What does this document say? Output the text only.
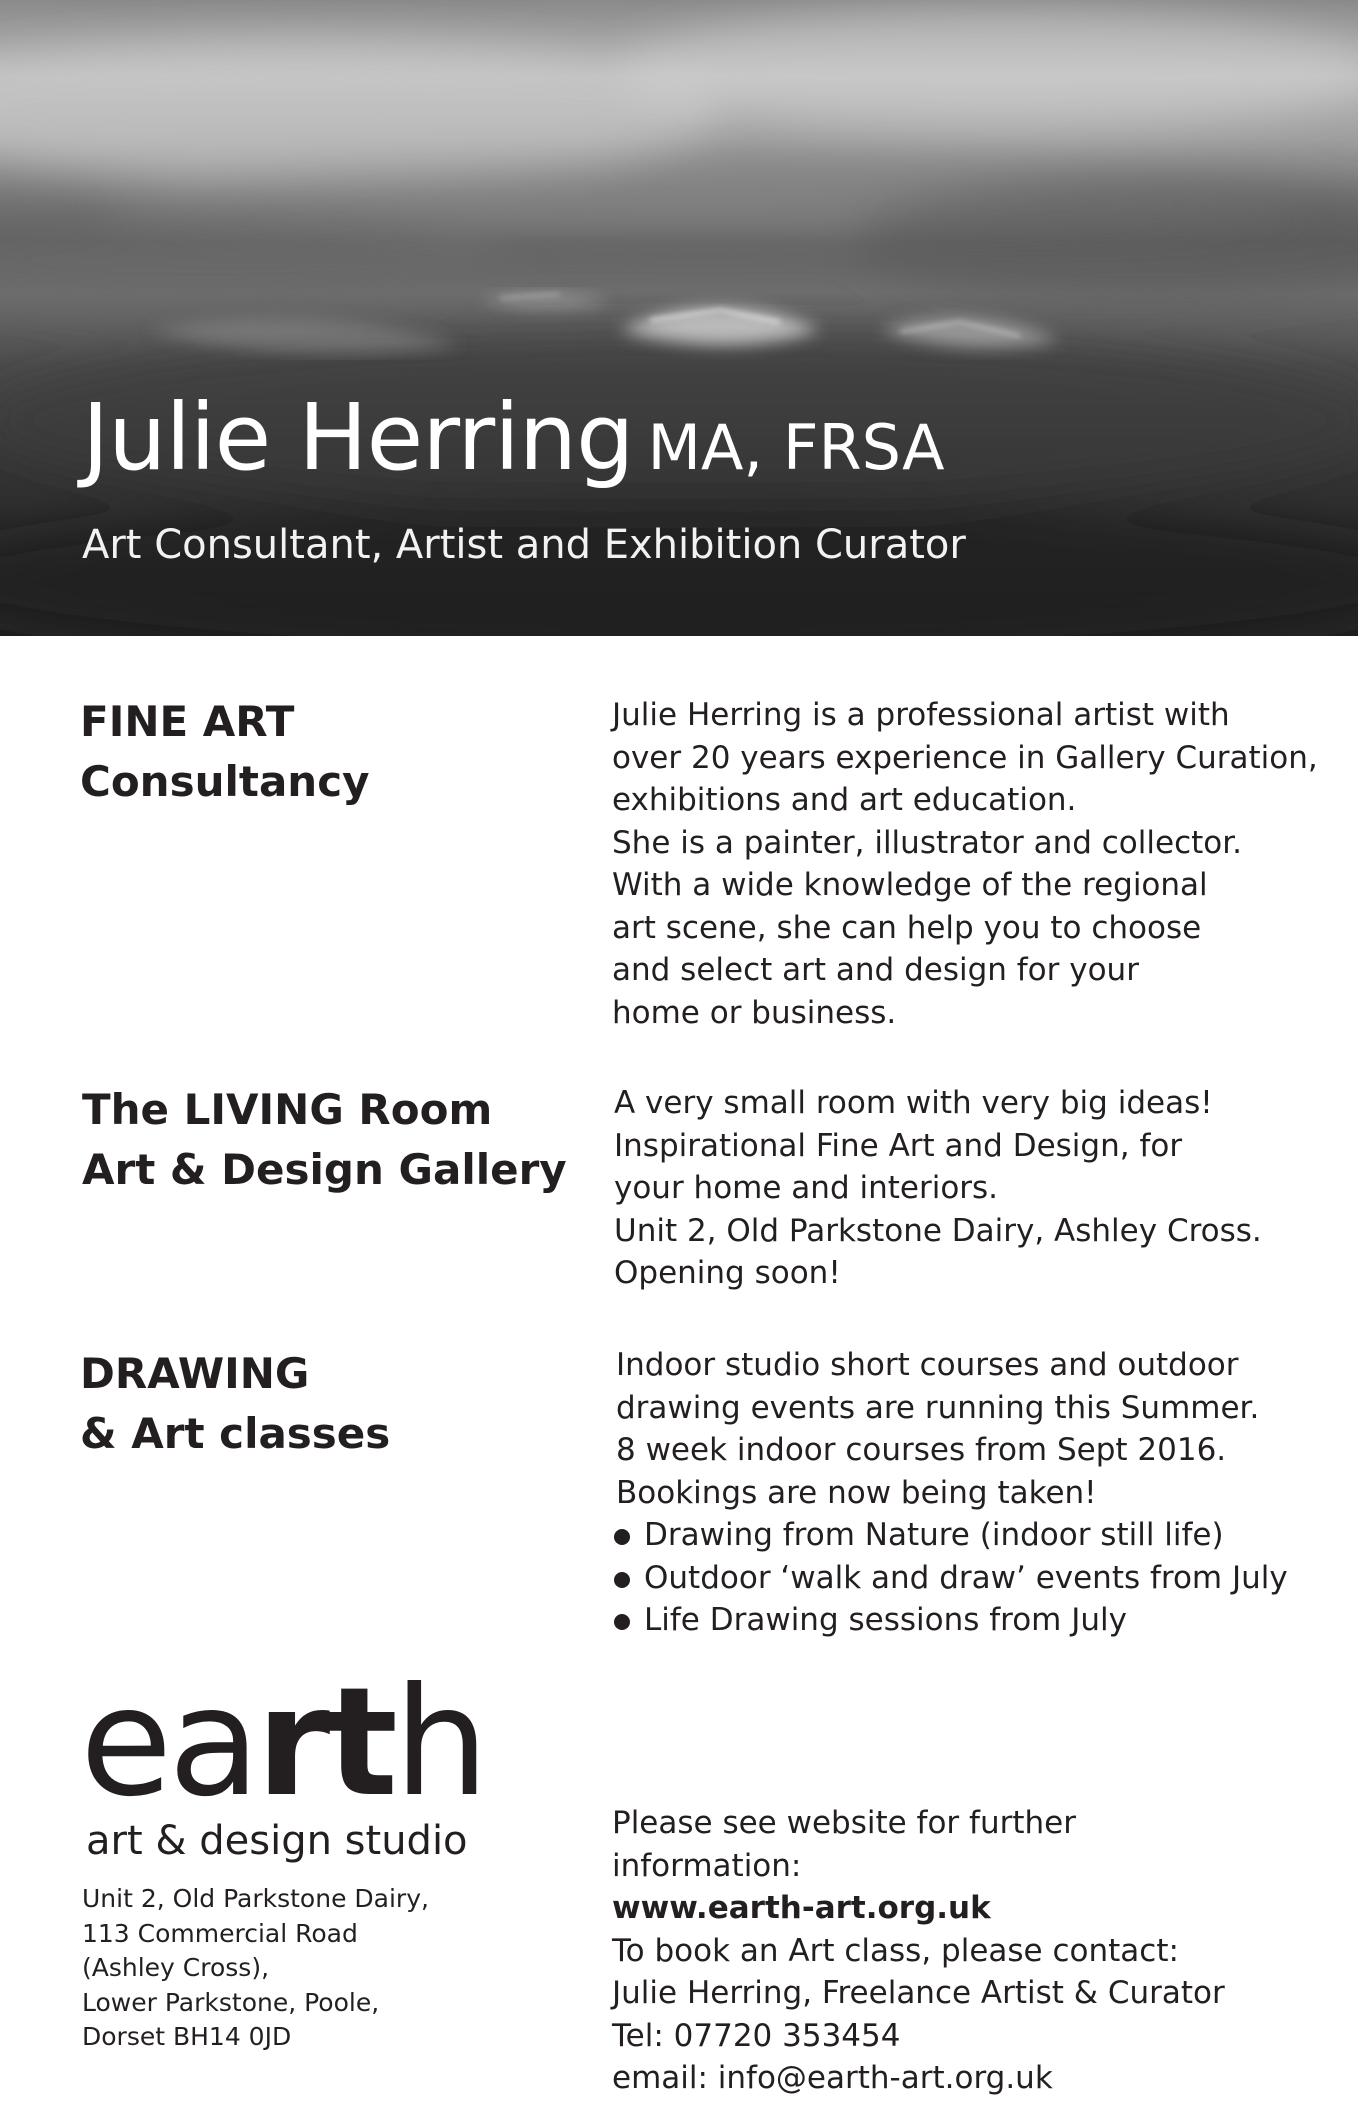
Julie Herring MA, FRSA

Art Consultant, Artist and Exhibition Curator

FINE ART
Consultancy

Julie Herring is a professional artist with
over 20 years experience in Gallery Curation,
exhibitions and art education.
She is a painter, illustrator and collector.
With a wide knowledge of the regional
art scene, she can help you to choose
and select art and design for your
home or business.

The LIVING Room
Art & Design Gallery

A very small room with very big ideas!
Inspirational Fine Art and Design, for
your home and interiors.
Unit 2, Old Parkstone Dairy, Ashley Cross.
Opening soon!

DRAWING
& Art classes

Indoor studio short courses and outdoor
drawing events are running this Summer.
8 week indoor courses from Sept 2016.
Bookings are now being taken!

Drawing from Nature (indoor still life)
Outdoor ‘walk and draw’ events from July
Life Drawing sessions from July

earth

art & design studio

Unit 2, Old Parkstone Dairy,
113 Commercial Road
(Ashley Cross),
Lower Parkstone, Poole,
Dorset BH14 0JD

Please see website for further
information:
www.earth-art.org.uk
To book an Art class, please contact:
Julie Herring, Freelance Artist & Curator
Tel: 07720 353454
email: info@earth-art.org.uk
